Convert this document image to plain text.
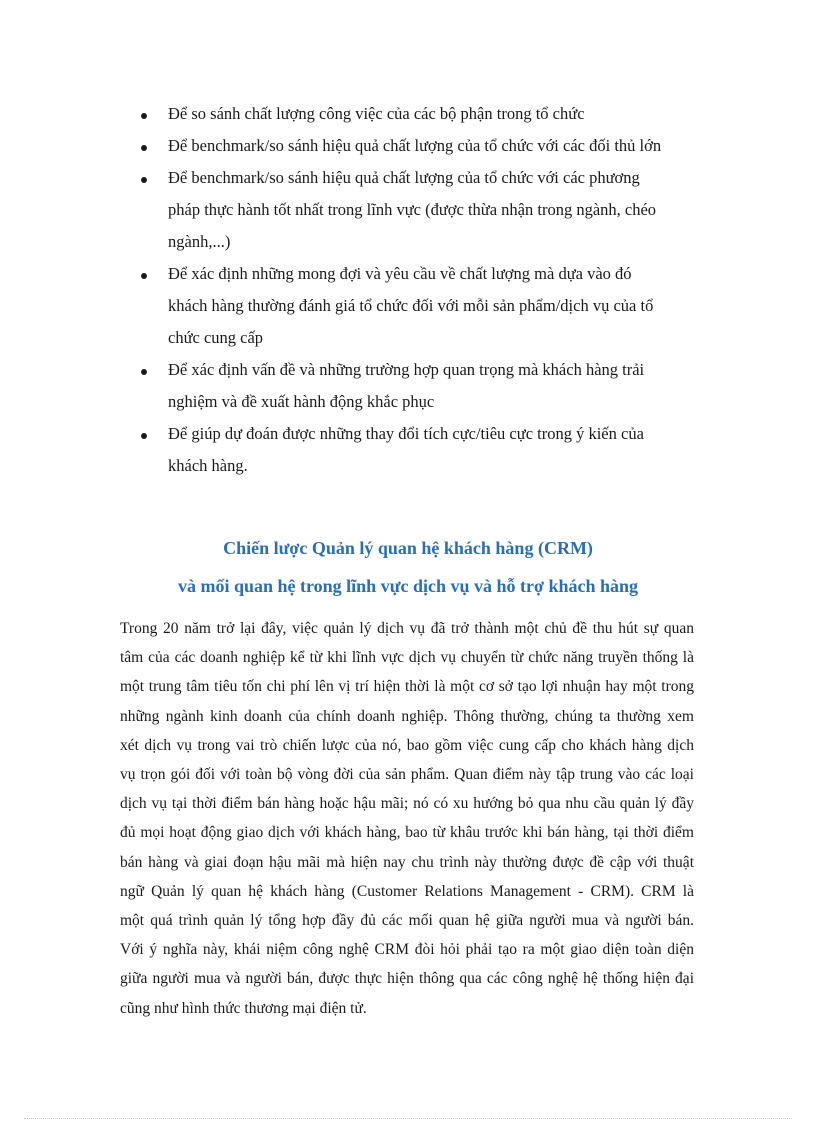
Để so sánh chất lượng công việc của các bộ phận trong tổ chức
Để benchmark/so sánh hiệu quả chất lượng của tổ chức với các đối thủ lớn
Để benchmark/so sánh hiệu quả chất lượng của tổ chức với các phương
pháp thực hành tốt nhất trong lĩnh vực (được thừa nhận trong ngành, chéo
ngành,...)
Để xác định những mong đợi và yêu cầu về chất lượng mà dựa vào đó
khách hàng thường đánh giá tổ chức đối với mỗi sản phẩm/dịch vụ của tổ
chức cung cấp
Để xác định vấn đề và những trường hợp quan trọng mà khách hàng trải
nghiệm và đề xuất hành động khắc phục
Để giúp dự đoán được những thay đổi tích cực/tiêu cực trong ý kiến của
khách hàng.
Chiến lược Quản lý quan hệ khách hàng (CRM)
và mối quan hệ trong lĩnh vực dịch vụ và hỗ trợ khách hàng

Trong 20 năm trở lại đây, việc quản lý dịch vụ đã trở thành một chủ đề thu hút sự quan
tâm của các doanh nghiệp kể từ khi lĩnh vực dịch vụ chuyển từ chức năng truyền thống là
một trung tâm tiêu tốn chi phí lên vị trí hiện thời là một cơ sở tạo lợi nhuận hay một trong
những ngành kinh doanh của chính doanh nghiệp. Thông thường, chúng ta thường xem
xét dịch vụ trong vai trò chiến lược của nó, bao gồm việc cung cấp cho khách hàng dịch
vụ trọn gói đối với toàn bộ vòng đời của sản phẩm. Quan điểm này tập trung vào các loại
dịch vụ tại thời điểm bán hàng hoặc hậu mãi; nó có xu hướng bỏ qua nhu cầu quản lý đầy
đủ mọi hoạt động giao dịch với khách hàng, bao từ khâu trước khi bán hàng, tại thời điểm
bán hàng và giai đoạn hậu mãi mà hiện nay chu trình này thường được đề cập với thuật
ngữ Quản lý quan hệ khách hàng (Customer Relations Management - CRM). CRM là
một quá trình quản lý tổng hợp đầy đủ các mối quan hệ giữa người mua và người bán.
Với ý nghĩa này, khái niệm công nghệ CRM đòi hỏi phải tạo ra một giao diện toàn diện
giữa người mua và người bán, được thực hiện thông qua các công nghệ hệ thống hiện đại
cũng như hình thức thương mại điện tử.
